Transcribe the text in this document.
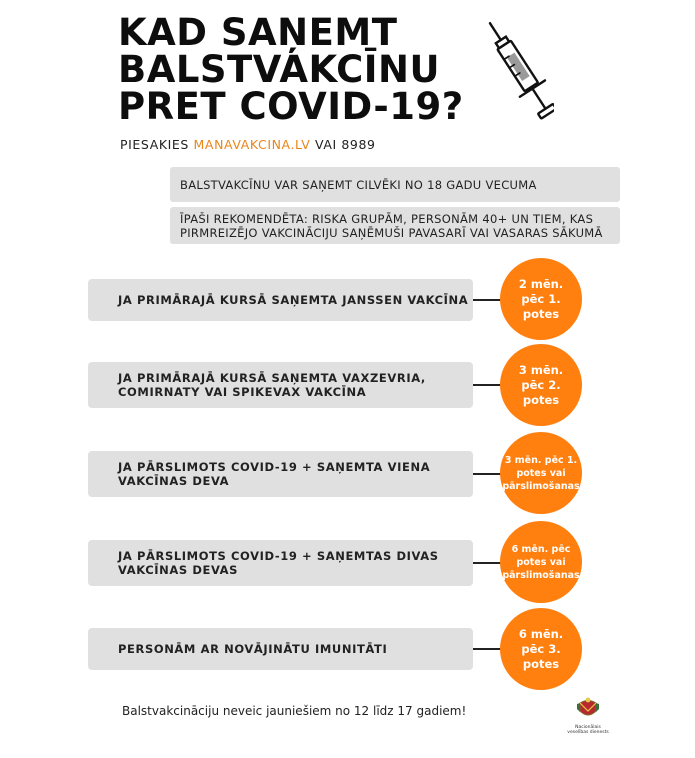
KAD SAŅEMT
BALSTVAKCĪNU
PRET COVID-19?
PIESAKIES MANAVAKCINA.LV VAI 8989
BALSTVAKCĪNU VAR SAŅEMT CILVĒKI NO 18 GADU VECUMA
ĪPAŠI REKOMENDĒTA: RISKA GRUPĀM, PERSONĀM 40+ UN TIEM, KAS PIRMREIZĒJO VAKCINĀCIJU SAŅĒMUŠI PAVASARĪ VAI VASARAS SĀKUMĀ
JA PRIMĀRAJĀ KURSĀ SAŅEMTA JANSSEN VAKCĪNA
2 mēn. pēc 1. potes
JA PRIMĀRAJĀ KURSĀ SAŅEMTA VAXZEVRIA, COMIRNATY VAI SPIKEVAX VAKCĪNA
3 mēn. pēc 2. potes
JA PĀRSLIMOTS COVID-19 + SAŅEMTA VIENA VAKCĪNAS DEVA
3 mēn. pēc 1. potes vai pārslimošanas
JA PĀRSLIMOTS COVID-19 + SAŅEMTAS DIVAS VAKCĪNAS DEVAS
6 mēn. pēc potes vai pārslimošanas
PERSONĀM AR NOVĀJINĀTU IMUNITĀTI
6 mēn. pēc 3. potes
Balstvakcināciju neveic jauniešiem no 12 līdz 17 gadiem!
Nacionālais veselības dienests
